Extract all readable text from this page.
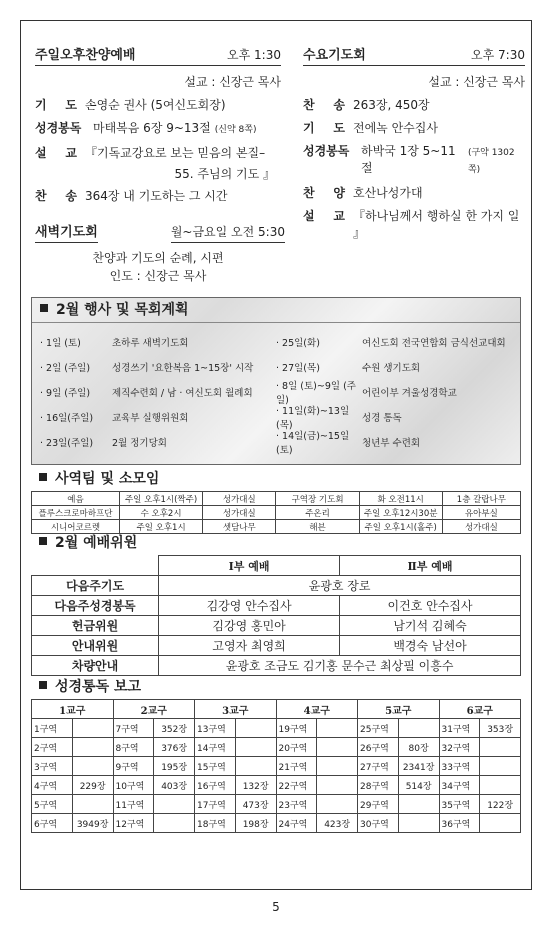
주일오후찬양예배	오후 1:30
설교 : 신장근 목사
기 도 손영순 권사 (5여신도회장)
성경봉독 마태복음 6장 9~13절 (신약 8쪽)
설 교 『기독교강요로 보는 믿음의 본질–
55. 주님의 기도 』
찬 송 364장 내 기도하는 그 시간
새벽기도회	월~금요일 오전 5:30
찬양과 기도의 순례, 시편
인도 : 신장근 목사
수요기도회	오후 7:30
설교 : 신장근 목사
찬 송 263장, 450장
기 도 전에녹 안수집사
성경봉독 하박국 1장 5~11절
(구약 1302쪽)
찬 양 호산나성가대
설 교 『하나님께서 행하실 한 가지 일 』
2월 행사 및 목회계획
· 1일 (토)	초하루 새벽기도회
· 2일 (주일)	성경쓰기 '요한복음 1~15장' 시작
· 9일 (주일)	제직수련회 / 남 · 여신도회 월례회
· 16일(주일)	교육부 실행위원회
· 23일(주일)	2월 정기당회
· 25일(화)	여신도회 전국연합회 금식선교대회
· 27일(목)	수원 생기도회
· 8일 (토)~9일 (주일)
어린이부 겨울성경학교
· 11일(화)~13일(목)
성경 통독
· 14일(금)~15일(토)
청년부 수련회
사역팀 및 소모임
예음	주일 오후1시(짝주)	성가대실	구역장 기도회	화 오전11시	1층 갈랍나무
플루스크로마하프단	수 오후2시	성가대실	주온리	주일 오후12시30분	유아부실
시니어코르렛	주일 오후1시	셋담나무	해븐	주일 오후1시(홀주)	성가대실
2월 예배위원
	Ⅰ부 예배	Ⅱ부 예배
다음주기도	윤광호 장로	
다음주성경봉독	김강영 안수집사	이건호 안수집사
헌금위원	김강영 홍민아	남기석 김혜숙
안내위원	고영자 최영희	백경숙 남선아
차량안내	윤광호 조금도 김기홍 문수근 최상필 이흥수	
성경통독 보고
1교구		2교구		3교구		4교구		5교구		6교구	
1구역		7구역	352장	13구역		19구역		25구역		31구역	353장
2구역		8구역	376장	14구역		20구역		26구역	80장	32구역	
3구역		9구역	195장	15구역		21구역		27구역	2341장	33구역	
4구역	229장	10구역	403장	16구역	132장	22구역		28구역	514장	34구역	
5구역		11구역		17구역	473장	23구역		29구역		35구역	122장
6구역	3949장	12구역		18구역	198장	24구역	423장	30구역		36구역	
5
